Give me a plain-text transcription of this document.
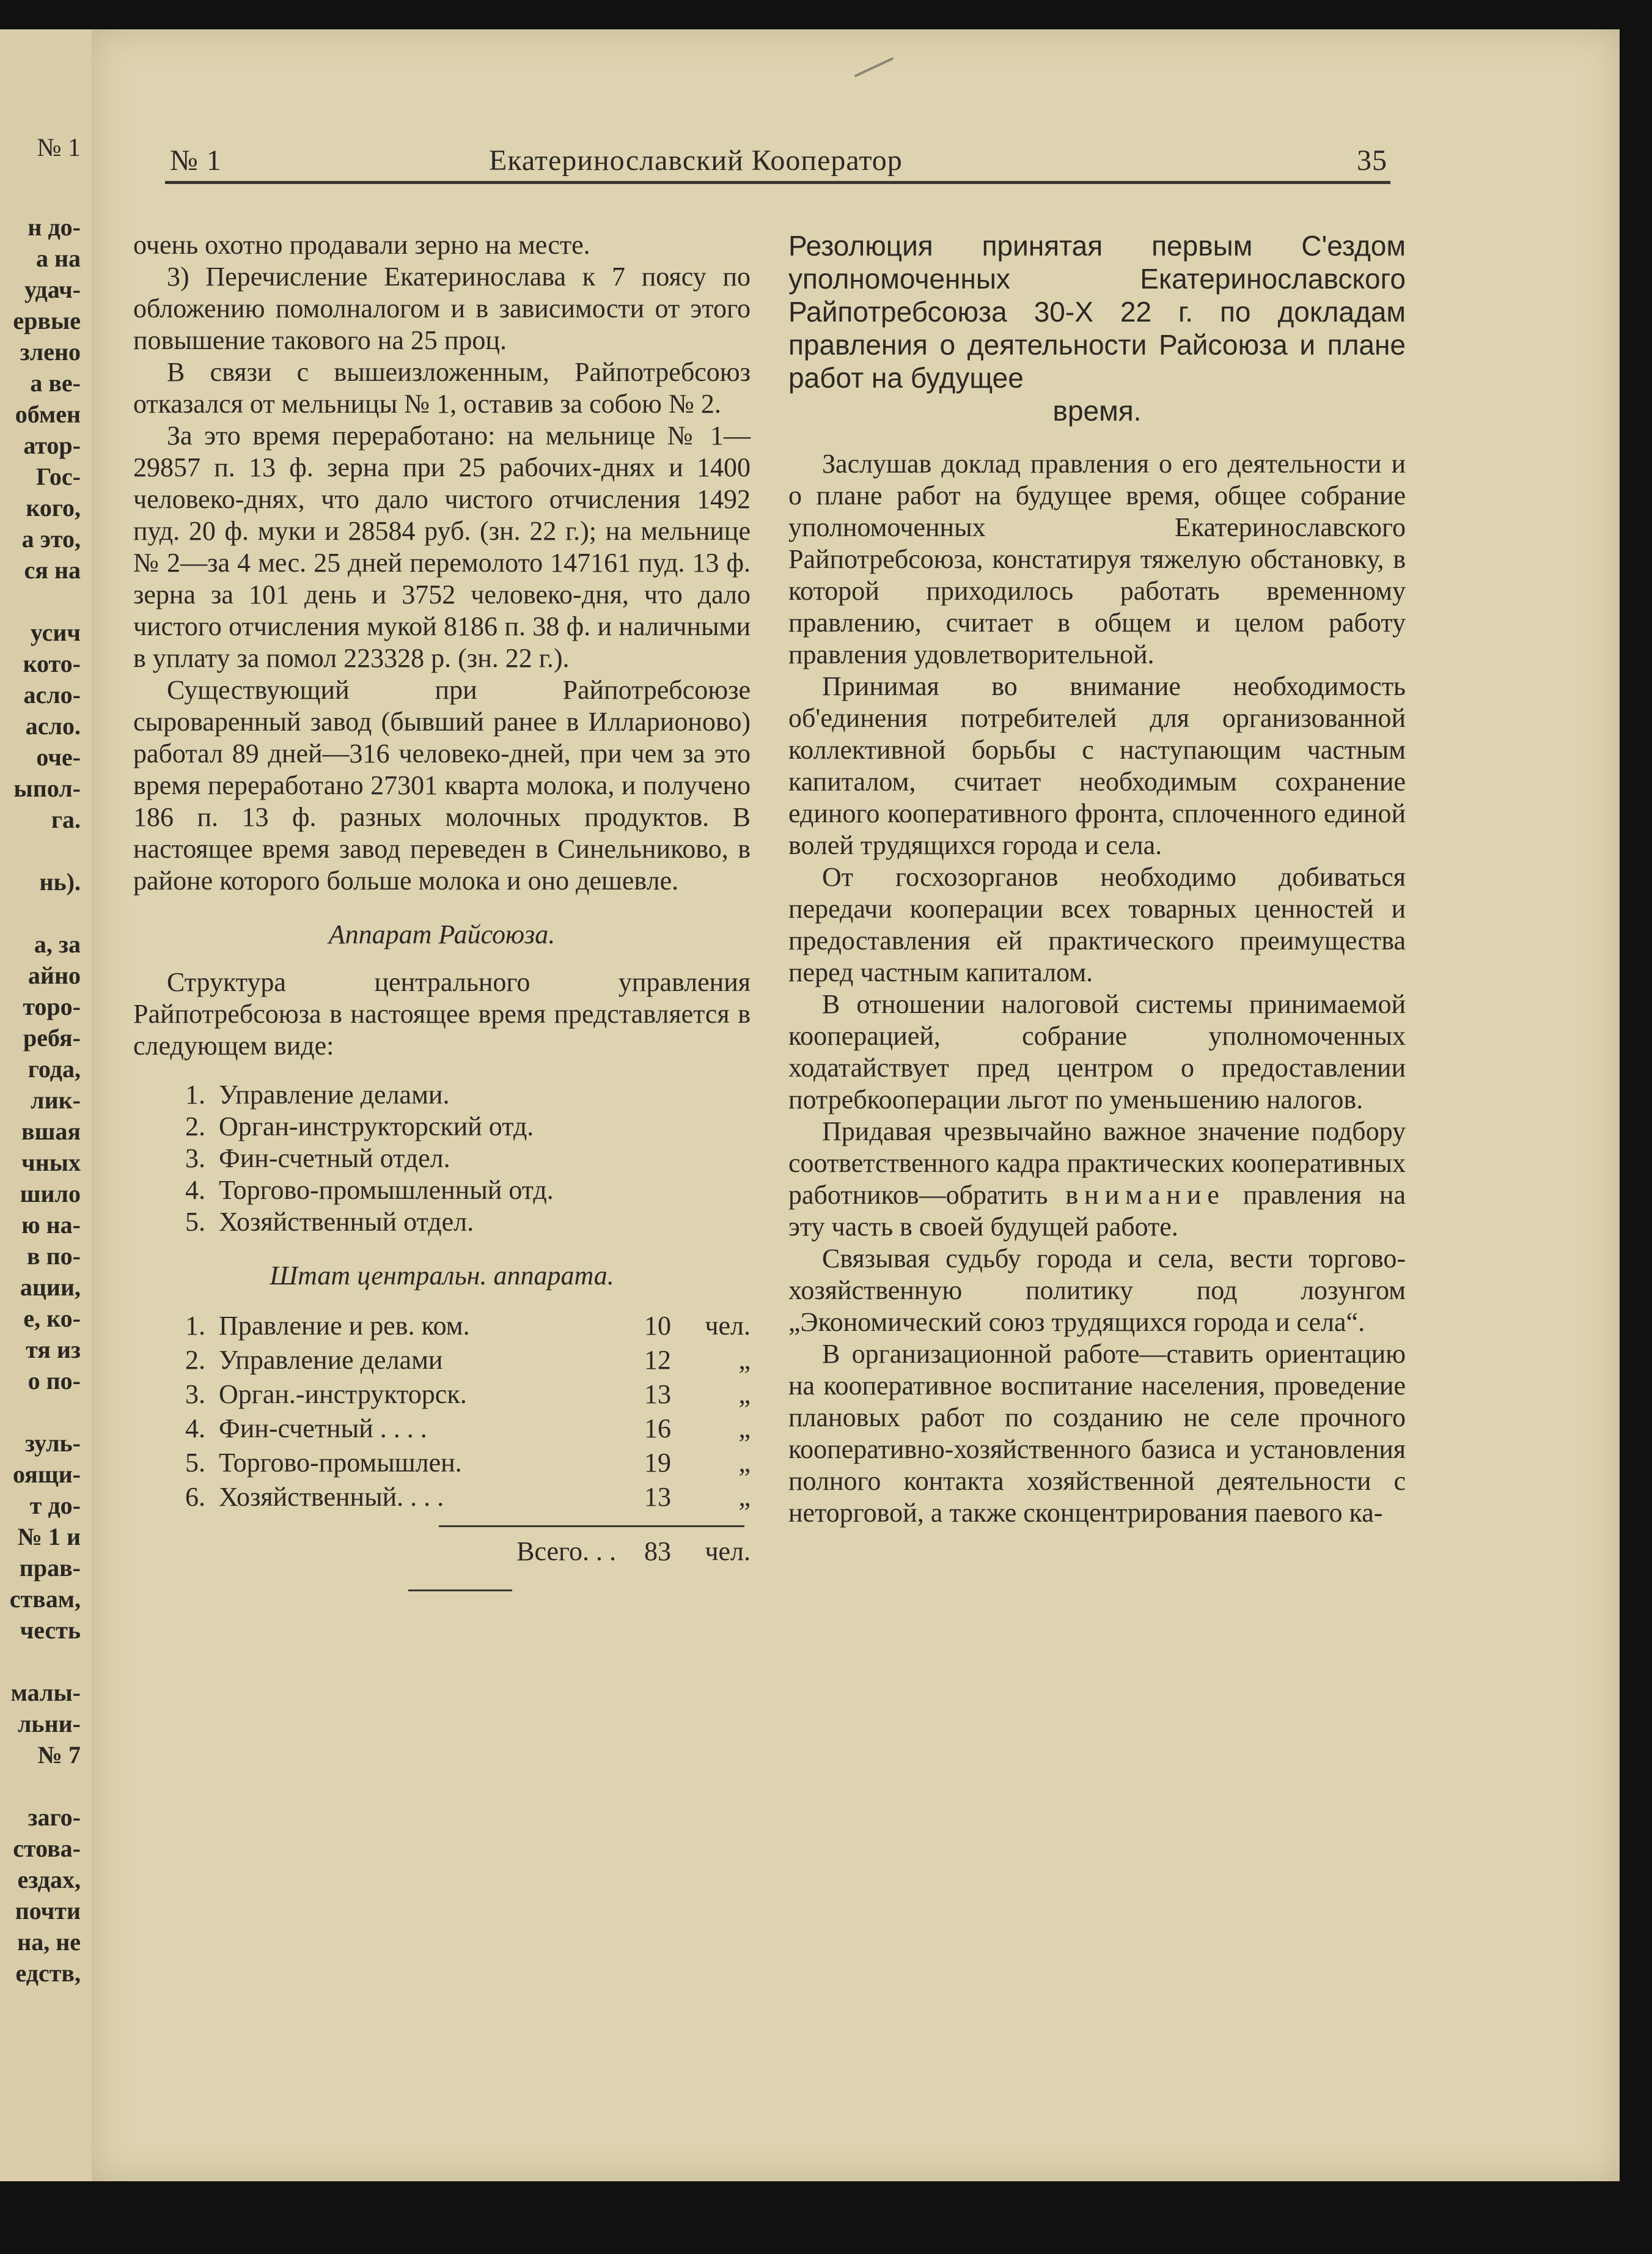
№ 1
н до-
а на
удач-
ервые
злено
а ве-
обмен
атор-
Гос-
кого,
а это,
ся на

усич
кото-
асло-
асло.
оче-
ыпол-
га.

нь).

а, за
айно
торо-
ребя-
года,
лик-
вшая
чных
шило
ю на-
в по-
ации,
е, ко-
тя из
о по-

зуль-
оящи-
т до-
№ 1 и
прав-
ствам,
честь

малы-
льни-
№ 7

заго-
стова-
ездах,
почти
на, не
едств,
№ 1	Екатеринославский Кооператор	35

очень охотно продавали зерно на месте.

3) Перечисление Екатеринослава к 7 поясу по обложению помолналогом и в зависимости от этого повышение такового на 25 проц.

В связи с вышеизложенным, Райпотребсоюз отказался от мельницы № 1, оставив за собою № 2.

За это время переработано: на мельнице № 1—29857 п. 13 ф. зерна при 25 рабочих-днях и 1400 человеко-днях, что дало чистого отчисления 1492 пуд. 20 ф. муки и 28584 руб. (зн. 22 г.); на мельнице № 2—за 4 мес. 25 дней перемолото 147161 пуд. 13 ф. зерна за 101 день и 3752 человеко-дня, что дало чистого отчисления мукой 8186 п. 38 ф. и наличными в уплату за помол 223328 р. (зн. 22 г.).

Существующий при Райпотребсоюзе сыроваренный завод (бывший ранее в Илларионово) работал 89 дней—316 человеко-дней, при чем за это время переработано 27301 кварта молока, и получено 186 п. 13 ф. разных молочных продуктов. В настоящее время завод переведен в Синельниково, в районе которого больше молока и оно дешевле.

Аппарат Райсоюза.

Структура центрального управления Райпотребсоюза в настоящее время представляется в следующем виде:

1. Управление делами.
2. Орган-инструкторский отд.
3. Фин-счетный отдел.
4. Торгово-промышленный отд.
5. Хозяйственный отдел.
Штат центральн. аппарата.
1. Правление и рев. ком.	10	чел.
2. Управление делами	12	„
3. Орган.-инструкторск.	13	„
4. Фин-счетный . . . .	16	„
5. Торгово-промышлен.	19	„
6. Хозяйственный. . . .	13	„
Всего. . .	83	чел.
Резолюция принятая первым С'ездом уполномоченных Екатеринославского Райпотребсоюза 30-Х 22 г. по докладам правления о деятельности Райсоюза и плане работ на будущее
время.

Заслушав доклад правления о его деятельности и о плане работ на будущее время, общее собрание уполномоченных Екатеринославского Райпотребсоюза, констатируя тяжелую обстановку, в которой приходилось работать временному правлению, считает в общем и целом работу правления удовлетворительной.

Принимая во внимание необходимость об'единения потребителей для организованной коллективной борьбы с наступающим частным капиталом, считает необходимым сохранение единого кооперативного фронта, сплоченного единой волей трудящихся города и села.

От госхозорганов необходимо добиваться передачи кооперации всех товарных ценностей и предоставления ей практического преимущества перед частным капиталом.

В отношении налоговой системы принимаемой кооперацией, собрание уполномоченных ходатайствует пред центром о предоставлении потребкооперации льгот по уменьшению налогов.

Придавая чрезвычайно важное значение подбору соответственного кадра практических кооперативных работников—обратить внимание правления на эту часть в своей будущей работе.

Связывая судьбу города и села, вести торгово-хозяйственную политику под лозунгом „Экономический союз трудящихся города и села“.

В организационной работе—ставить ориентацию на кооперативное воспитание населения, проведение плановых работ по созданию не селе прочного кооперативно-хозяйственного базиса и установления полного контакта хозяйственной деятельности с неторговой, а также сконцентрирования паевого ка-
